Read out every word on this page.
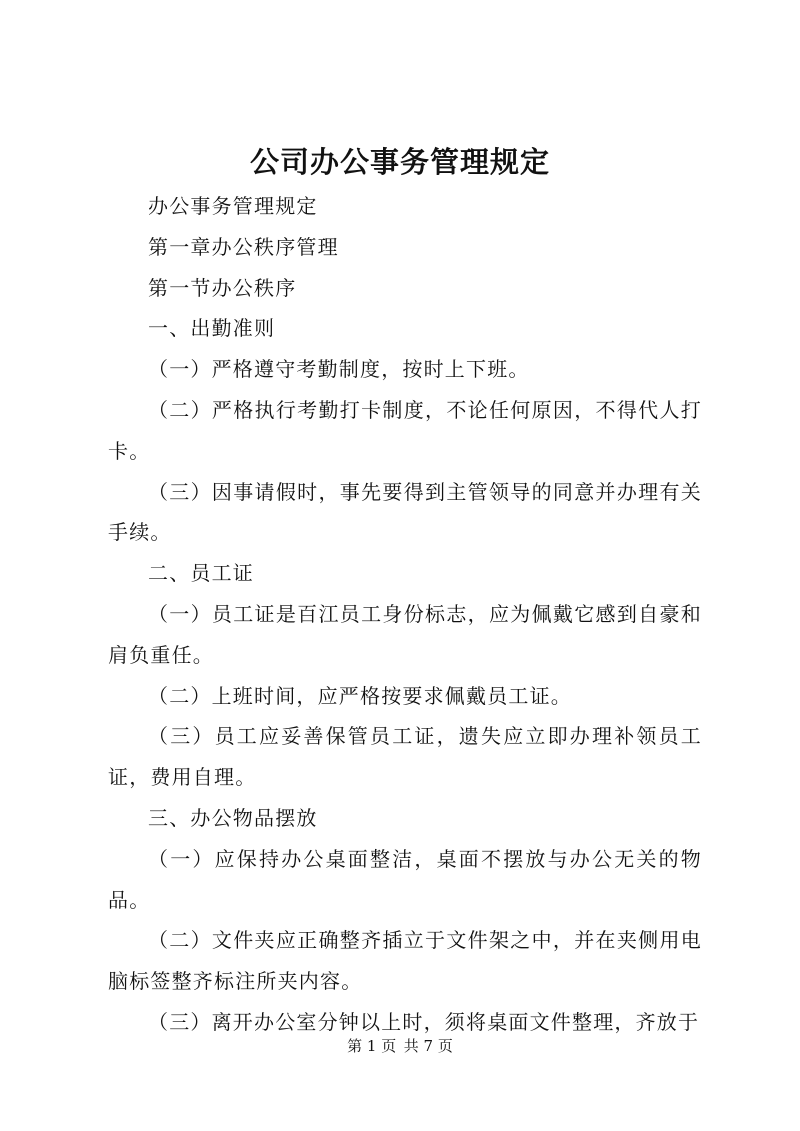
公司办公事务管理规定

办公事务管理规定

第一章办公秩序管理

第一节办公秩序

一、出勤准则

（一）严格遵守考勤制度，按时上下班。

（二）严格执行考勤打卡制度，不论任何原因，不得代人打卡。

（三）因事请假时，事先要得到主管领导的同意并办理有关手续。

二、员工证

（一）员工证是百江员工身份标志，应为佩戴它感到自豪和肩负重任。

（二）上班时间，应严格按要求佩戴员工证。

（三）员工应妥善保管员工证，遗失应立即办理补领员工证，费用自理。

三、办公物品摆放

（一）应保持办公桌面整洁，桌面不摆放与办公无关的物品。

（二）文件夹应正确整齐插立于文件架之中，并在夹侧用电脑标签整齐标注所夹内容。

（三）离开办公室分钟以上时，须将桌面文件整理，齐放于

第 1 页 共 7 页
